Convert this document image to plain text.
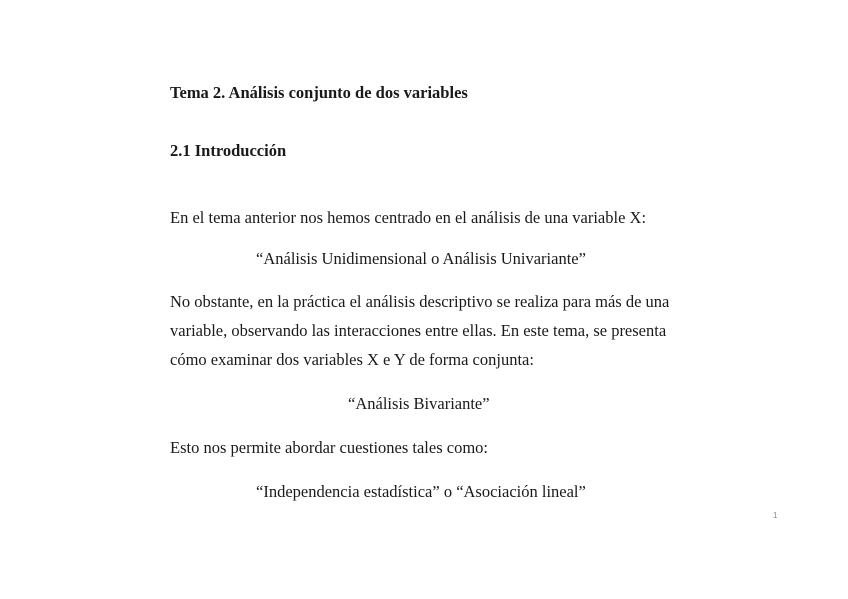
Tema 2. Análisis conjunto de dos variables
2.1 Introducción
En el tema anterior nos hemos centrado en el análisis de una variable X:
“Análisis Unidimensional o Análisis Univariante”
No obstante, en la práctica el análisis descriptivo se realiza para más de una
variable, observando las interacciones entre ellas. En este tema, se presenta
cómo examinar dos variables X e Y de forma conjunta:
“Análisis Bivariante”
Esto nos permite abordar cuestiones tales como:
“Independencia estadística” o “Asociación lineal”
1
